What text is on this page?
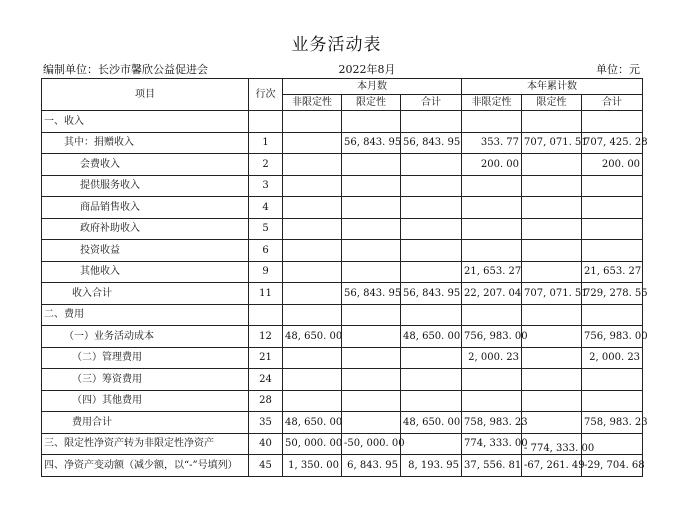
业务活动表
编制单位：长沙市馨欣公益促进会	2022年8月	单位：元
项目	行次	本月数			本年累计数		
		非限定性	限定性	合计	非限定性	限定性	合计
一、收入							
其中：捐赠收入	1		56, 843. 95	56, 843. 95	353. 77	707, 071. 51	707, 425. 28
会费收入	2				200. 00		200. 00
提供服务收入	3						
商品销售收入	4						
政府补助收入	5						
投资收益	6						
其他收入	9				21, 653. 27		21, 653. 27
收入合计	11		56, 843. 95	56, 843. 95	22, 207. 04	707, 071. 51	729, 278. 55
二、费用							
（一）业务活动成本	12	48, 650. 00		48, 650. 00	756, 983. 00		756, 983. 00
（二）管理费用	21				2, 000. 23		2, 000. 23
（三）筹资费用	24						
（四）其他费用	28						
费用合计	35	48, 650. 00		48, 650. 00	758, 983. 23		758, 983. 23
三、限定性净资产转为非限定性净资产	40	50, 000. 00	-50, 000. 00		774, 333. 00	- 774, 333. 00	
四、净资产变动额（减少额，以“-”号填列）	45	1, 350. 00	6, 843. 95	8, 193. 95	37, 556. 81	-67, 261. 49	-29, 704. 68
